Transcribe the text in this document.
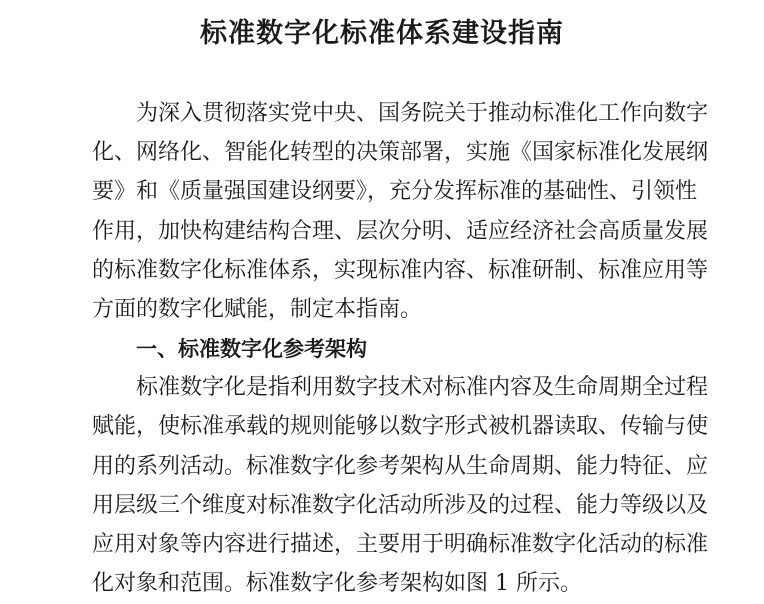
标准数字化标准体系建设指南

为深入贯彻落实党中央、国务院关于推动标准化工作向数字

化、网络化、智能化转型的决策部署，实施《国家标准化发展纲

要》和《质量强国建设纲要》，充分发挥标准的基础性、引领性

作用，加快构建结构合理、层次分明、适应经济社会高质量发展

的标准数字化标准体系，实现标准内容、标准研制、标准应用等

方面的数字化赋能，制定本指南。

一、标准数字化参考架构

标准数字化是指利用数字技术对标准内容及生命周期全过程

赋能，使标准承载的规则能够以数字形式被机器读取、传输与使

用的系列活动。标准数字化参考架构从生命周期、能力特征、应

用层级三个维度对标准数字化活动所涉及的过程、能力等级以及

应用对象等内容进行描述，主要用于明确标准数字化活动的标准

化对象和范围。标准数字化参考架构如图 1 所示。
